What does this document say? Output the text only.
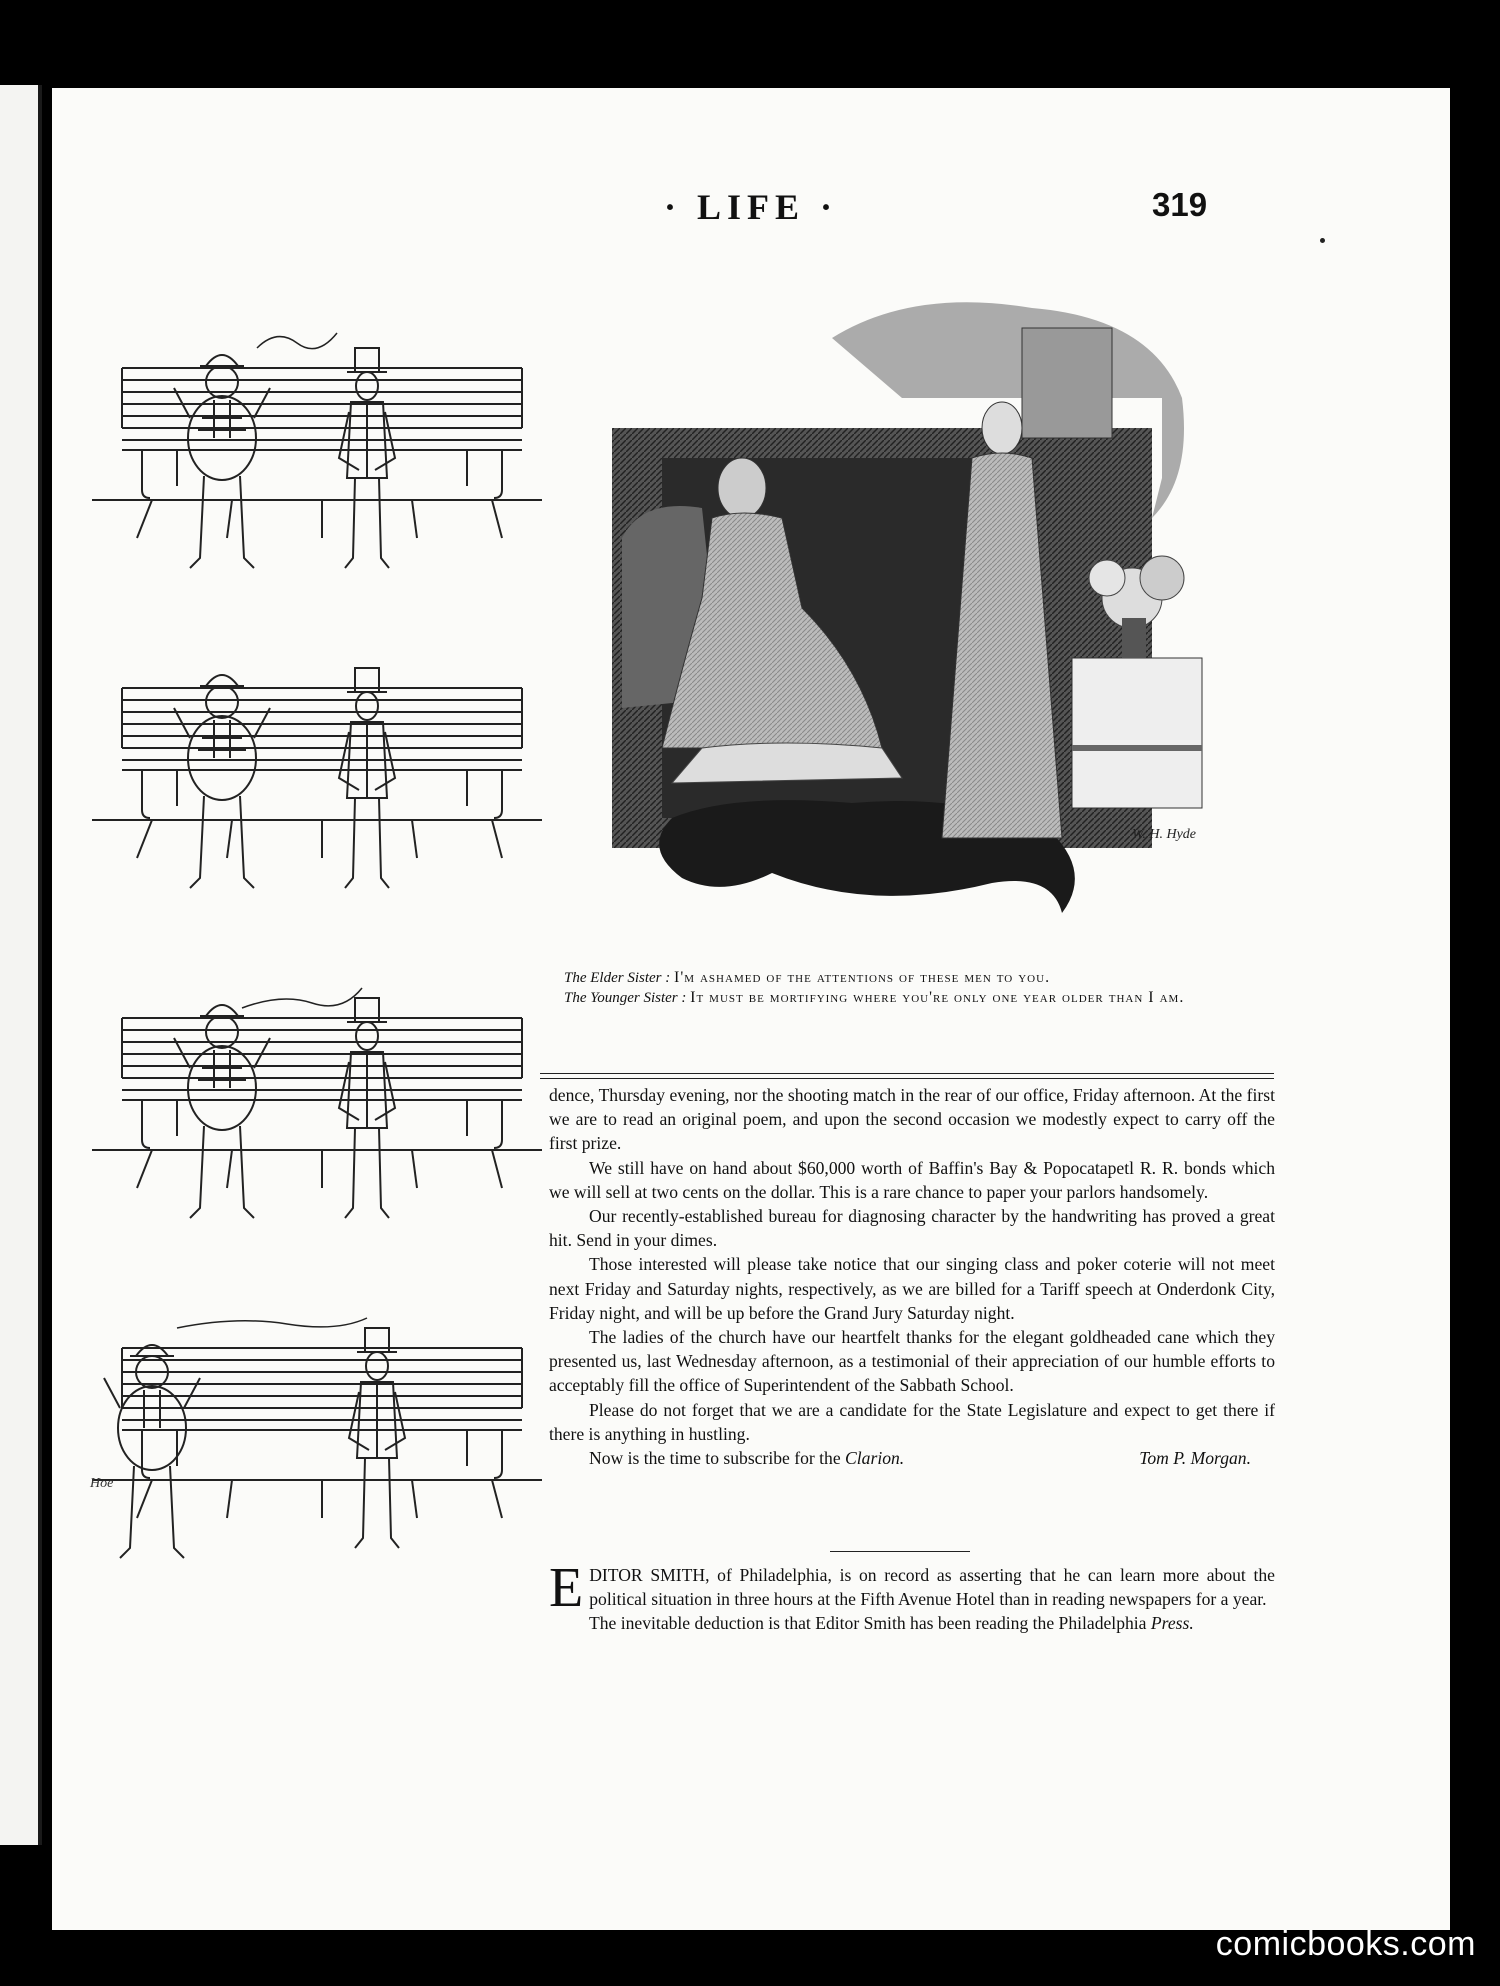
· LIFE ·	319
Hoe
W. H. Hyde
The Elder Sister : I'm ashamed of the attentions of these men to you.
The Younger Sister : It must be mortifying where you're only one year older than I am.

dence, Thursday evening, nor the shooting match in the rear of our office, Friday afternoon. At the first we are to read an original poem, and upon the second occasion we modestly expect to carry off the first prize.

We still have on hand about $60,000 worth of Baffin's Bay & Popocatapetl R. R. bonds which we will sell at two cents on the dollar. This is a rare chance to paper your parlors handsomely.

Our recently-established bureau for diagnosing character by the handwriting has proved a great hit. Send in your dimes.

Those interested will please take notice that our singing class and poker coterie will not meet next Friday and Saturday nights, respectively, as we are billed for a Tariff speech at Onderdonk City, Friday night, and will be up before the Grand Jury Saturday night.

The ladies of the church have our heartfelt thanks for the elegant goldheaded cane which they presented us, last Wednesday afternoon, as a testimonial of their appreciation of our humble efforts to acceptably fill the office of Superintendent of the Sabbath School.

Please do not forget that we are a candidate for the State Legislature and expect to get there if there is anything in hustling.

Now is the time to subscribe for the Clarion.	Tom P. Morgan.

EDITOR SMITH, of Philadelphia, is on record as asserting that he can learn more about the political situation in three hours at the Fifth Avenue Hotel than in reading newspapers for a year.

The inevitable deduction is that Editor Smith has been reading the Philadelphia Press.

comicbooks.com
